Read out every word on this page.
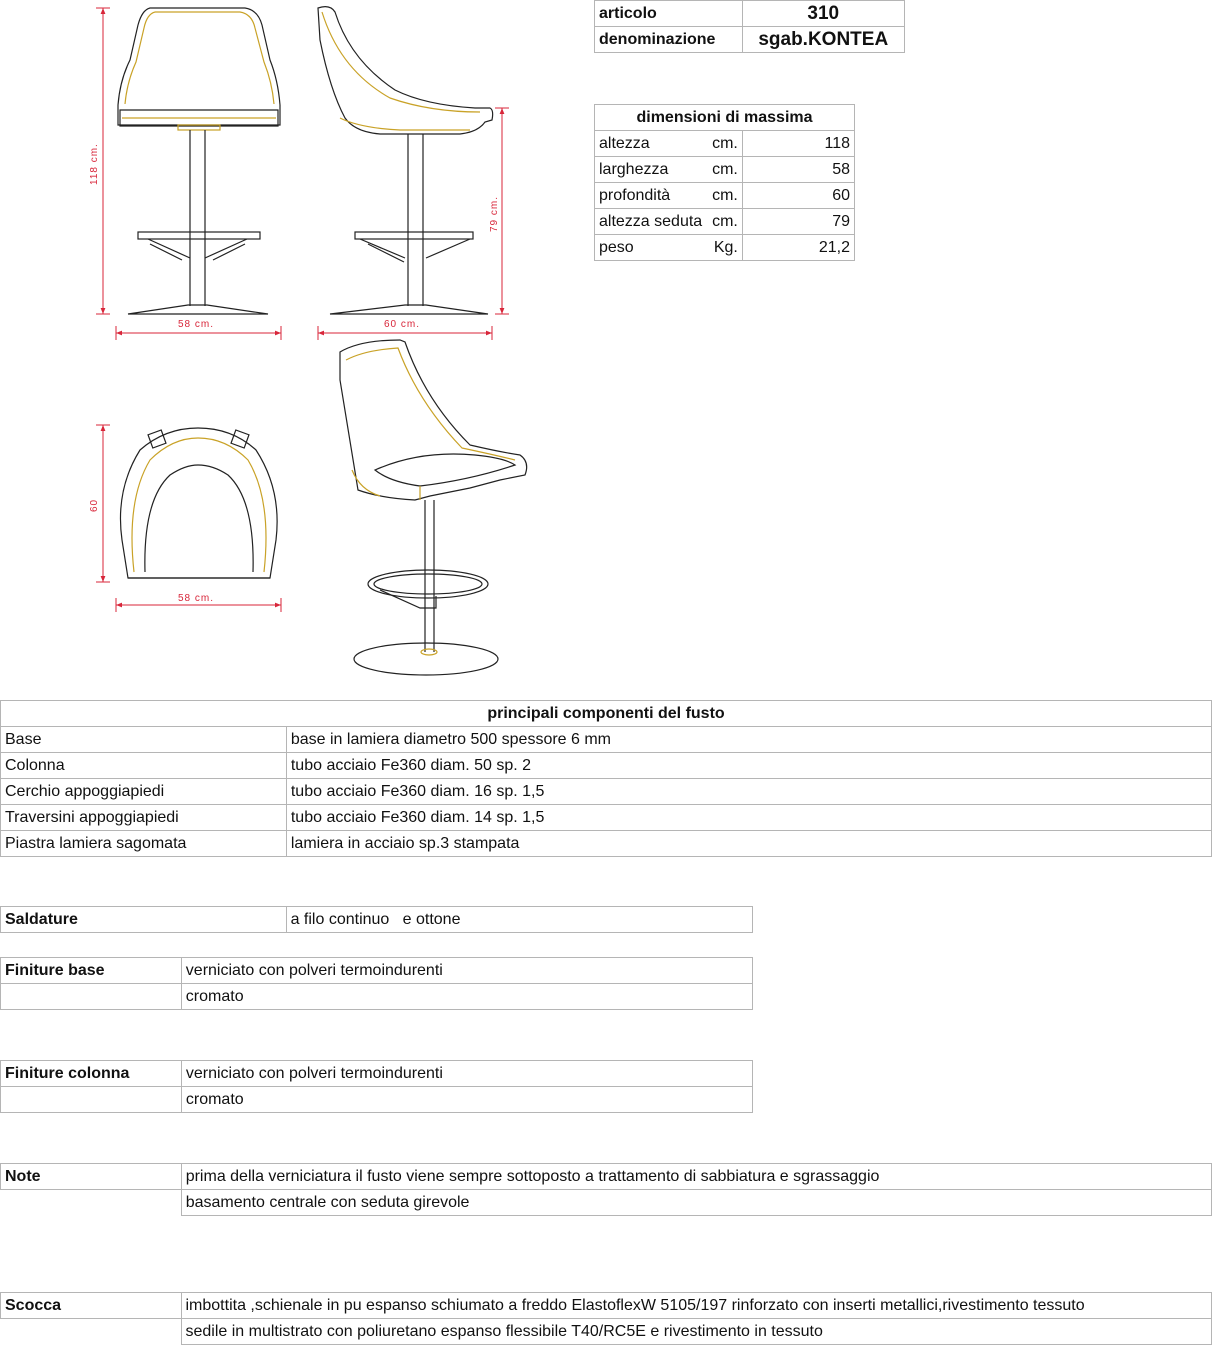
118 cm.
58 cm.
79 cm.
60 cm.
60
58 cm.
articolo	310
denominazione	sgab.KONTEA
dimensioni di massima	

altezza cm.	118

larghezza cm.	58

profondità cm.	60

altezza seduta cm.	79

peso Kg.	21,2
principali componenti del fusto	
Base	base in lamiera diametro 500 spessore 6 mm
Colonna	tubo acciaio Fe360 diam. 50 sp. 2
Cerchio appoggiapiedi	tubo acciaio Fe360 diam. 16 sp. 1,5
Traversini appoggiapiedi	tubo acciaio Fe360 diam. 14 sp. 1,5
Piastra lamiera sagomata	lamiera in acciaio sp.3 stampata
Saldature	a filo continuo   e ottone
Finiture base	verniciato con polveri termoindurenti
	cromato
Finiture colonna	verniciato con polveri termoindurenti
	cromato
Note	prima della verniciatura il fusto viene sempre sottoposto a trattamento di sabbiatura e sgrassaggio
	basamento centrale con seduta girevole
Scocca	imbottita ,schienale in pu espanso schiumato a freddo ElastoflexW 5105/197 rinforzato con inserti metallici,rivestimento tessuto
	sedile in multistrato con poliuretano espanso flessibile T40/RC5E e rivestimento in tessuto
